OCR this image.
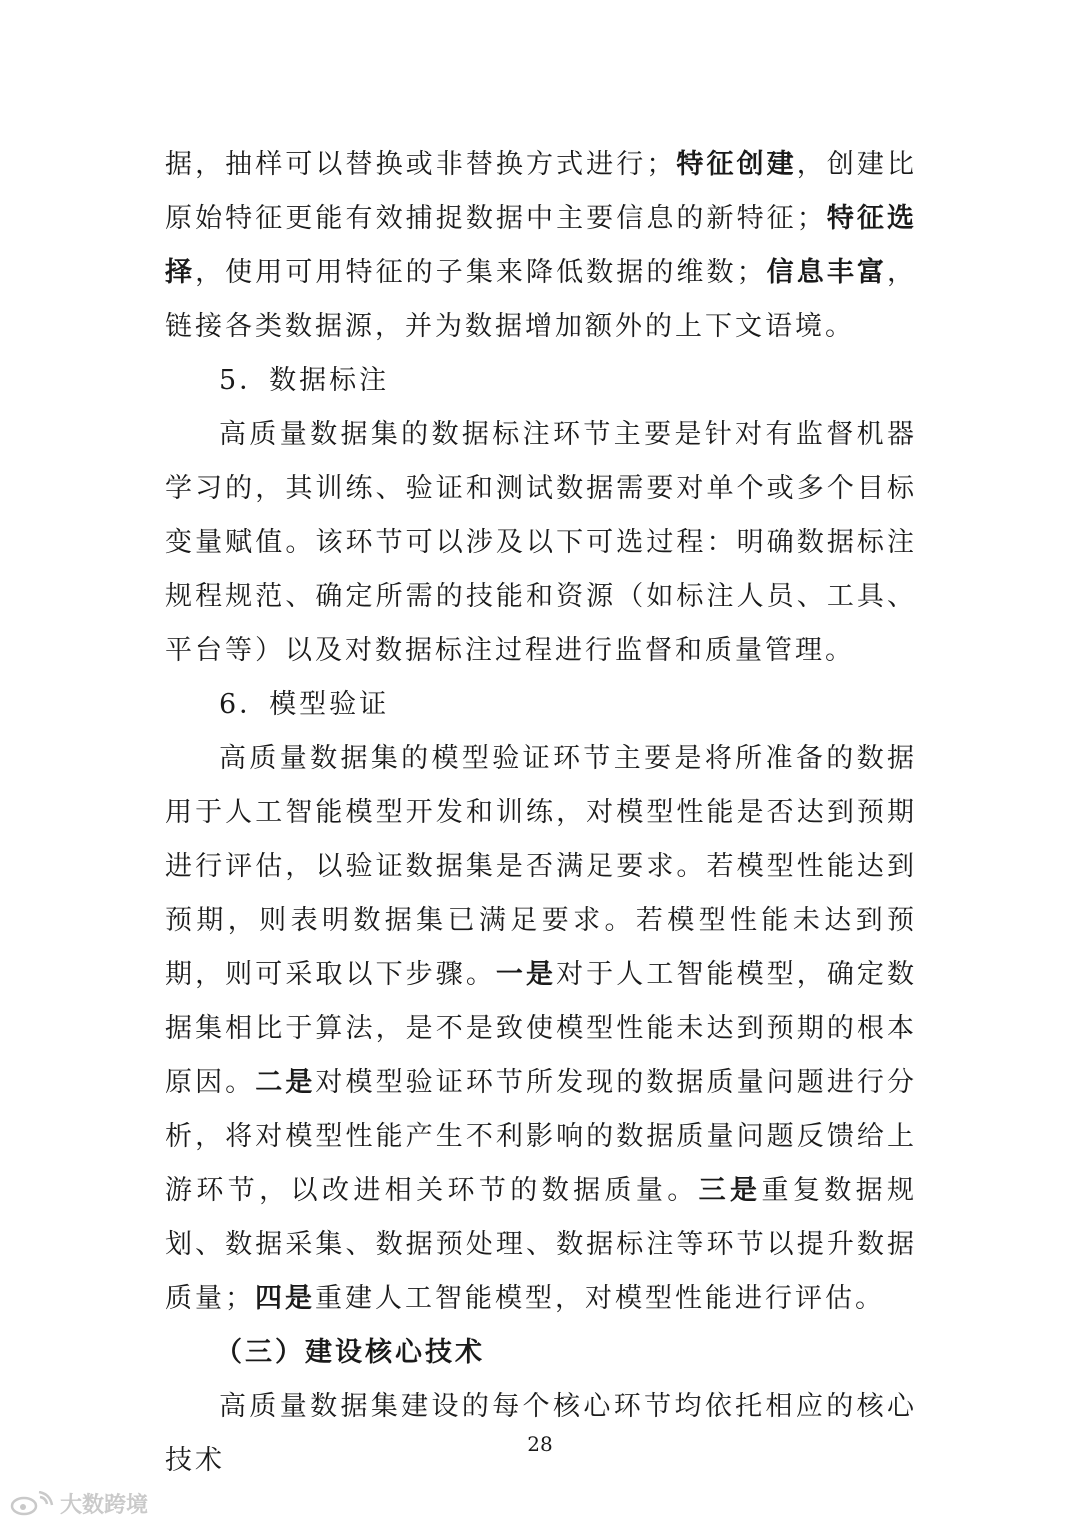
据，抽样可以替换或非替换方式进行；特征创建，创建比原始特征更能有效捕捉数据中主要信息的新特征；特征选择，使用可用特征的子集来降低数据的维数；信息丰富，链接各类数据源，并为数据增加额外的上下文语境。

5．数据标注

高质量数据集的数据标注环节主要是针对有监督机器学习的，其训练、验证和测试数据需要对单个或多个目标变量赋值。该环节可以涉及以下可选过程：明确数据标注规程规范、确定所需的技能和资源（如标注人员、工具、平台等）以及对数据标注过程进行监督和质量管理。

6．模型验证

高质量数据集的模型验证环节主要是将所准备的数据用于人工智能模型开发和训练，对模型性能是否达到预期进行评估，以验证数据集是否满足要求。若模型性能达到预期，则表明数据集已满足要求。若模型性能未达到预期，则可采取以下步骤。一是对于人工智能模型，确定数据集相比于算法，是不是致使模型性能未达到预期的根本原因。二是对模型验证环节所发现的数据质量问题进行分析，将对模型性能产生不利影响的数据质量问题反馈给上游环节，以改进相关环节的数据质量。三是重复数据规划、数据采集、数据预处理、数据标注等环节以提升数据质量；四是重建人工智能模型，对模型性能进行评估。

（三）建设核心技术

高质量数据集建设的每个核心环节均依托相应的核心技术

28
大数跨境
